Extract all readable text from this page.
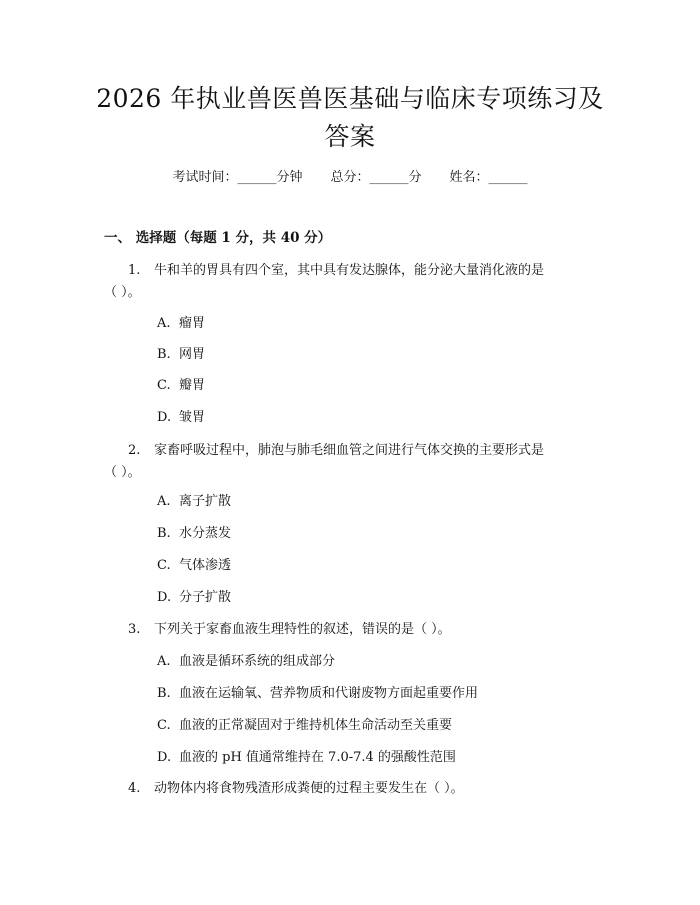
2026 年执业兽医兽医基础与临床专项练习及
答案
考试时间：______分钟 总分：______分 姓名：______
一、 选择题（每题 1 分，共 40 分）
1. 牛和羊的胃具有四个室，其中具有发达腺体，能分泌大量消化液的是
（ ）。
A. 瘤胃
B. 网胃
C. 瓣胃
D. 皱胃
2. 家畜呼吸过程中，肺泡与肺毛细血管之间进行气体交换的主要形式是
（ ）。
A. 离子扩散
B. 水分蒸发
C. 气体渗透
D. 分子扩散
3. 下列关于家畜血液生理特性的叙述，错误的是（ ）。
A. 血液是循环系统的组成部分
B. 血液在运输氧、营养物质和代谢废物方面起重要作用
C. 血液的正常凝固对于维持机体生命活动至关重要
D. 血液的 pH 值通常维持在 7.0-7.4 的强酸性范围
4. 动物体内将食物残渣形成粪便的过程主要发生在（ ）。
